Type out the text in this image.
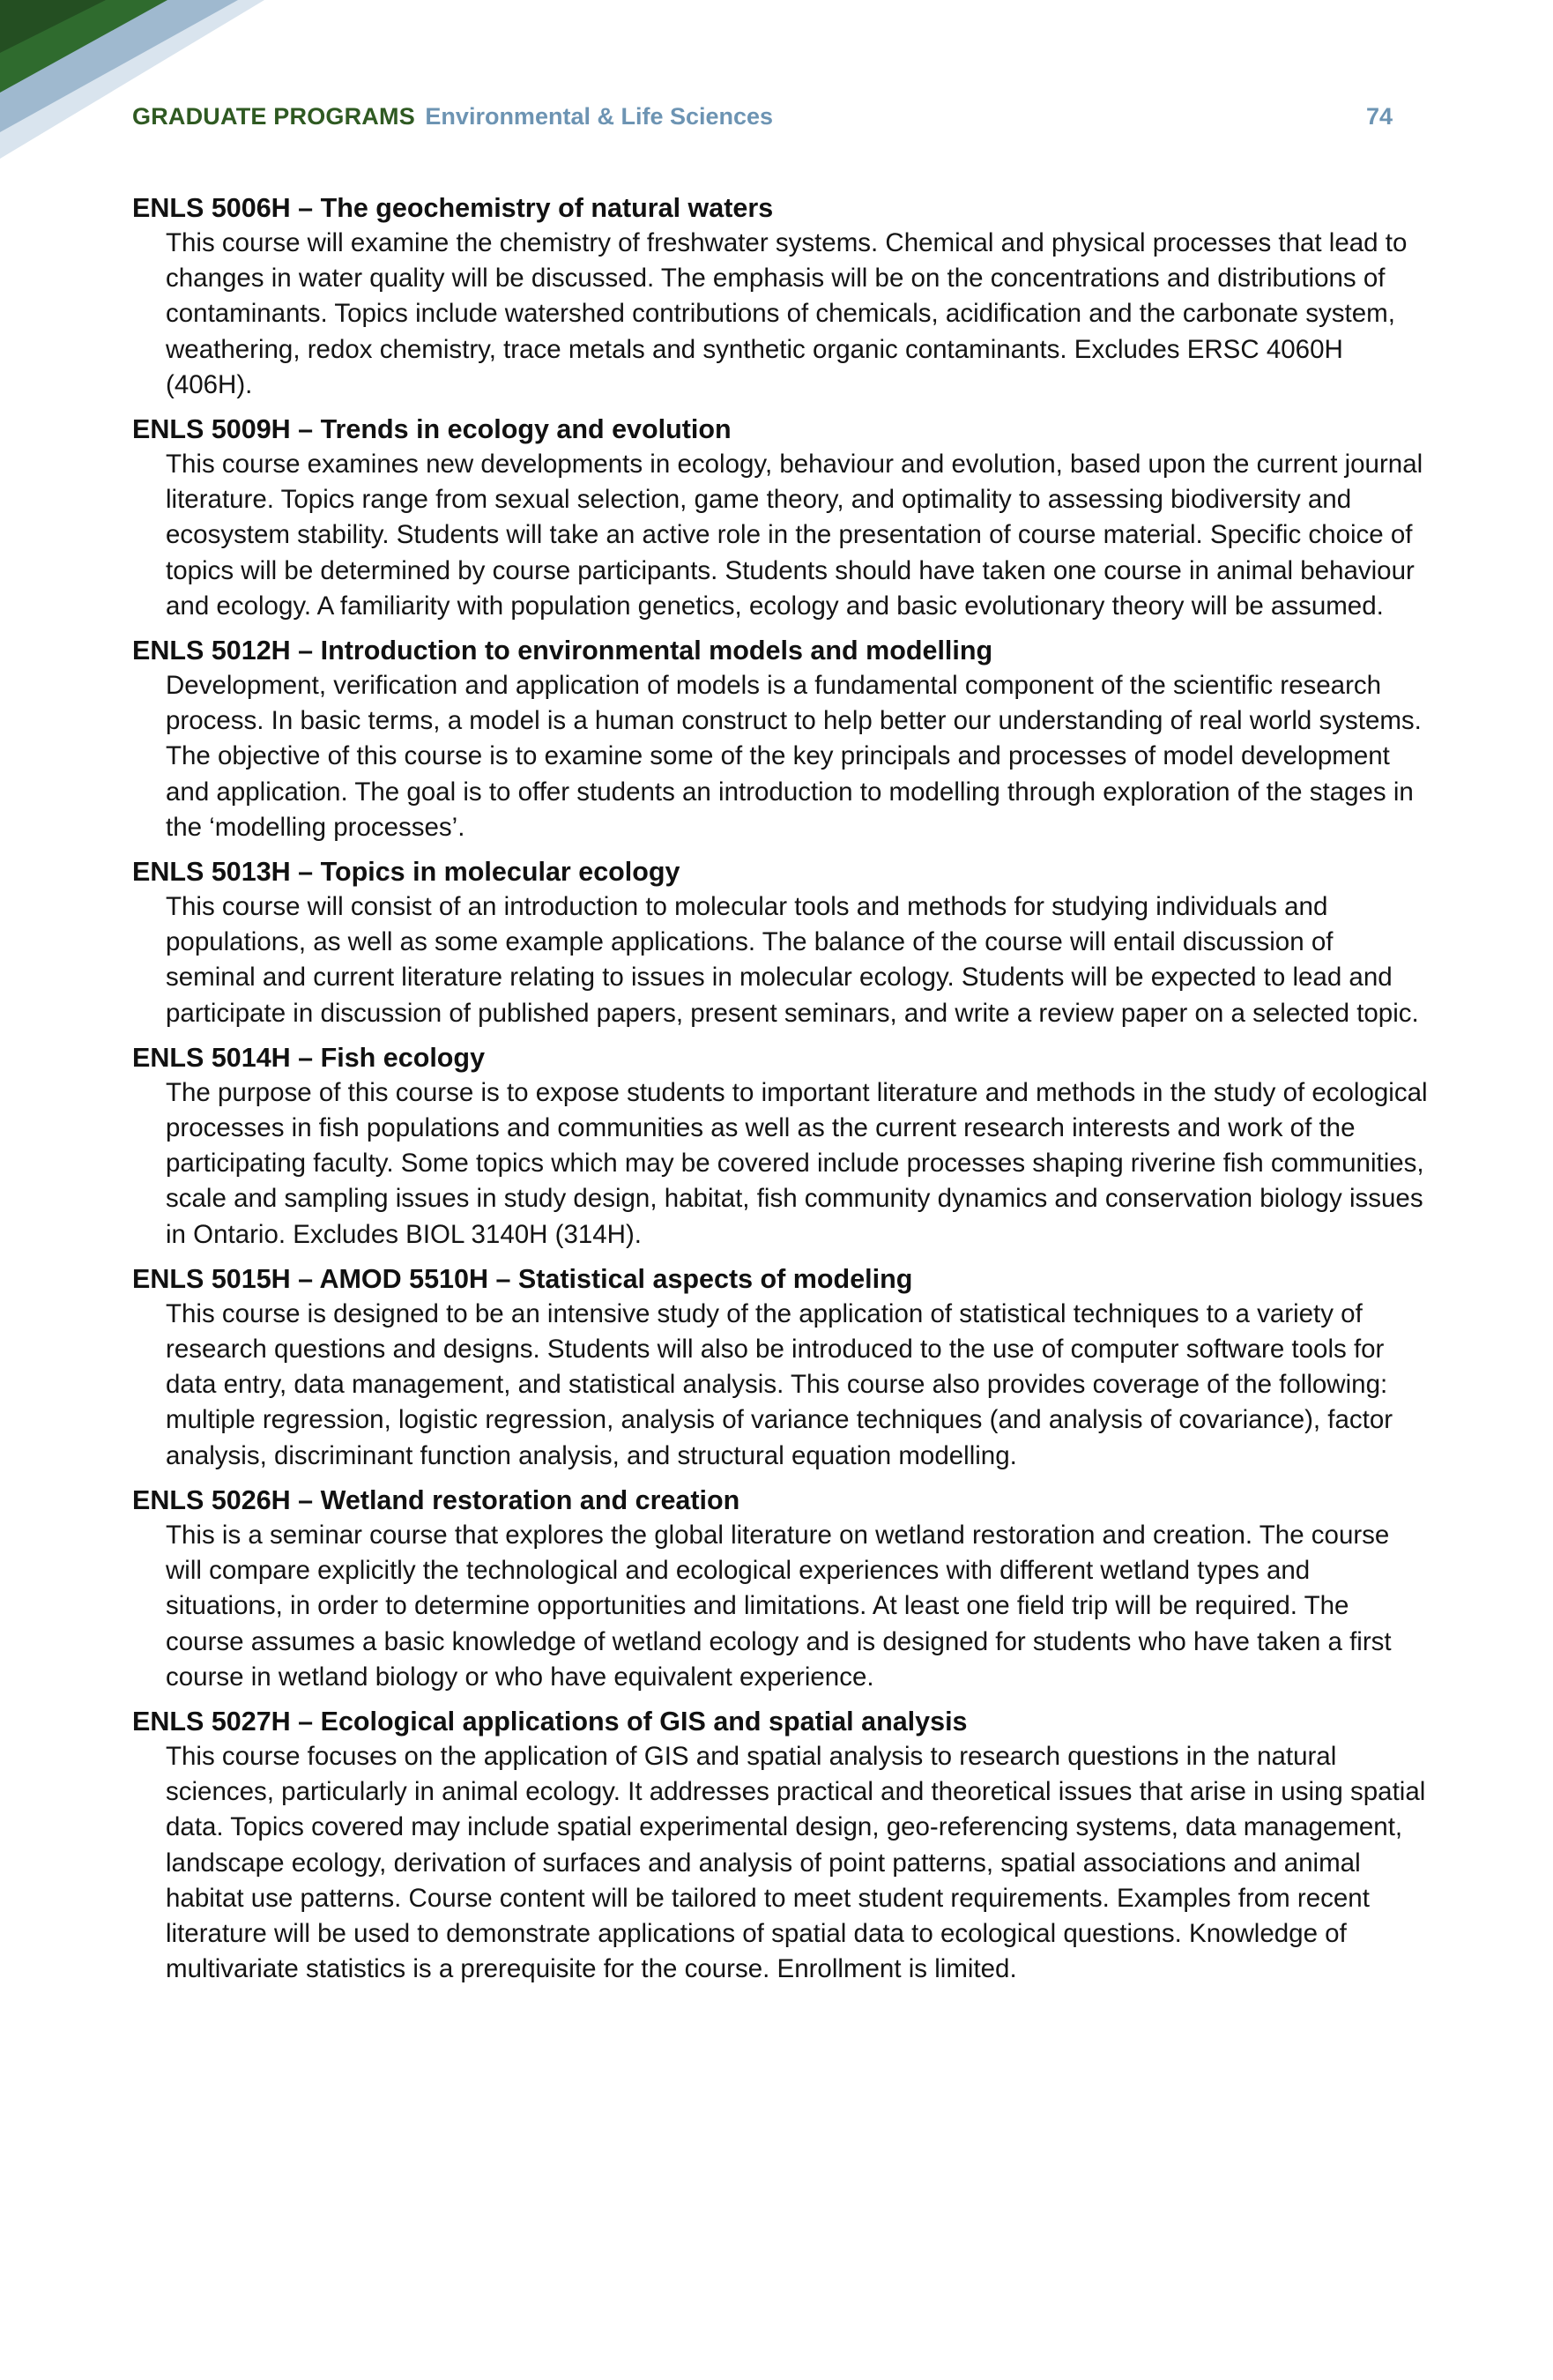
GRADUATE PROGRAMS Environmental & Life Sciences	74
ENLS 5006H – The geochemistry of natural waters
This course will examine the chemistry of freshwater systems. Chemical and physical processes that lead to changes in water quality will be discussed. The emphasis will be on the concentrations and distributions of contaminants. Topics include watershed contributions of chemicals, acidification and the carbonate system, weathering, redox chemistry, trace metals and synthetic organic contaminants. Excludes ERSC 4060H (406H).
ENLS 5009H – Trends in ecology and evolution
This course examines new developments in ecology, behaviour and evolution, based upon the current journal literature. Topics range from sexual selection, game theory, and optimality to assessing biodiversity and ecosystem stability. Students will take an active role in the presentation of course material. Specific choice of topics will be determined by course participants. Students should have taken one course in animal behaviour and ecology. A familiarity with population genetics, ecology and basic evolutionary theory will be assumed.
ENLS 5012H – Introduction to environmental models and modelling
Development, verification and application of models is a fundamental component of the scientific research process. In basic terms, a model is a human construct to help better our understanding of real world systems. The objective of this course is to examine some of the key principals and processes of model development and application. The goal is to offer students an introduction to modelling through exploration of the stages in the ‘modelling processes’.
ENLS 5013H – Topics in molecular ecology
This course will consist of an introduction to molecular tools and methods for studying individuals and populations, as well as some example applications. The balance of the course will entail discussion of seminal and current literature relating to issues in molecular ecology. Students will be expected to lead and participate in discussion of published papers, present seminars, and write a review paper on a selected topic.
ENLS 5014H – Fish ecology
The purpose of this course is to expose students to important literature and methods in the study of ecological processes in fish populations and communities as well as the current research interests and work of the participating faculty. Some topics which may be covered include processes shaping riverine fish communities, scale and sampling issues in study design, habitat, fish community dynamics and conservation biology issues in Ontario. Excludes BIOL 3140H (314H).
ENLS 5015H – AMOD 5510H – Statistical aspects of modeling
This course is designed to be an intensive study of the application of statistical techniques to a variety of research questions and designs. Students will also be introduced to the use of computer software tools for data entry, data management, and statistical analysis. This course also provides coverage of the following: multiple regression, logistic regression, analysis of variance techniques (and analysis of covariance), factor analysis, discriminant function analysis, and structural equation modelling.
ENLS 5026H – Wetland restoration and creation
This is a seminar course that explores the global literature on wetland restoration and creation. The course will compare explicitly the technological and ecological experiences with different wetland types and situations, in order to determine opportunities and limitations. At least one field trip will be required. The course assumes a basic knowledge of wetland ecology and is designed for students who have taken a first course in wetland biology or who have equivalent experience.
ENLS 5027H – Ecological applications of GIS and spatial analysis
This course focuses on the application of GIS and spatial analysis to research questions in the natural sciences, particularly in animal ecology. It addresses practical and theoretical issues that arise in using spatial data. Topics covered may include spatial experimental design, geo-referencing systems, data management, landscape ecology, derivation of surfaces and analysis of point patterns, spatial associations and animal habitat use patterns. Course content will be tailored to meet student requirements. Examples from recent literature will be used to demonstrate applications of spatial data to ecological questions. Knowledge of multivariate statistics is a prerequisite for the course. Enrollment is limited.
